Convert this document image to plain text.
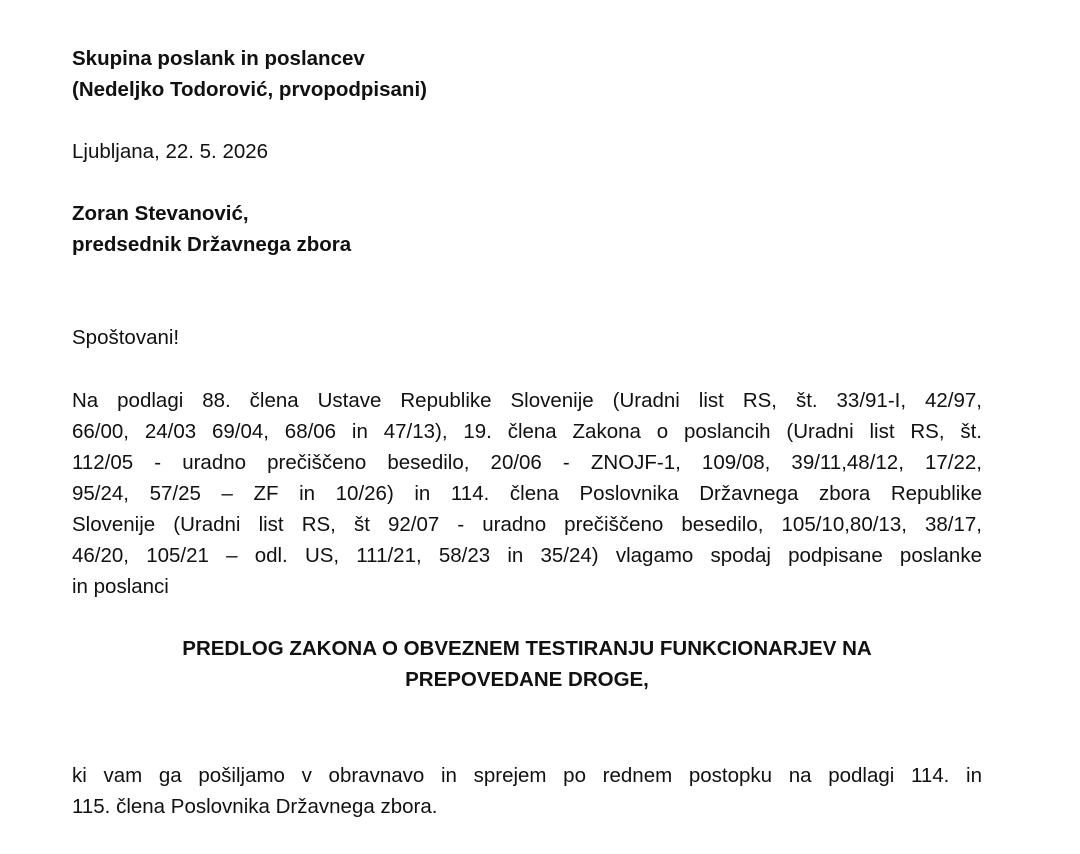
Skupina poslank in poslancev
(Nedeljko Todorović, prvopodpisani)
Ljubljana, 22. 5. 2026
Zoran Stevanović,
predsednik Državnega zbora
Spoštovani!
Na podlagi 88. člena Ustave Republike Slovenije (Uradni list RS, št. 33/91-I, 42/97,
66/00, 24/03 69/04, 68/06 in 47/13), 19. člena Zakona o poslancih (Uradni list RS, št.
112/05 - uradno prečiščeno besedilo, 20/06 - ZNOJF-1, 109/08, 39/11,48/12, 17/22,
95/24, 57/25 – ZF in 10/26) in 114. člena Poslovnika Državnega zbora Republike
Slovenije (Uradni list RS, št 92/07 - uradno prečiščeno besedilo, 105/10,80/13, 38/17,
46/20, 105/21 – odl. US, 111/21, 58/23 in 35/24) vlagamo spodaj podpisane poslanke
in poslanci
PREDLOG ZAKONA O OBVEZNEM TESTIRANJU FUNKCIONARJEV NA
PREPOVEDANE DROGE,
ki vam ga pošiljamo v obravnavo in sprejem po rednem postopku na podlagi 114. in
115. člena Poslovnika Državnega zbora.
